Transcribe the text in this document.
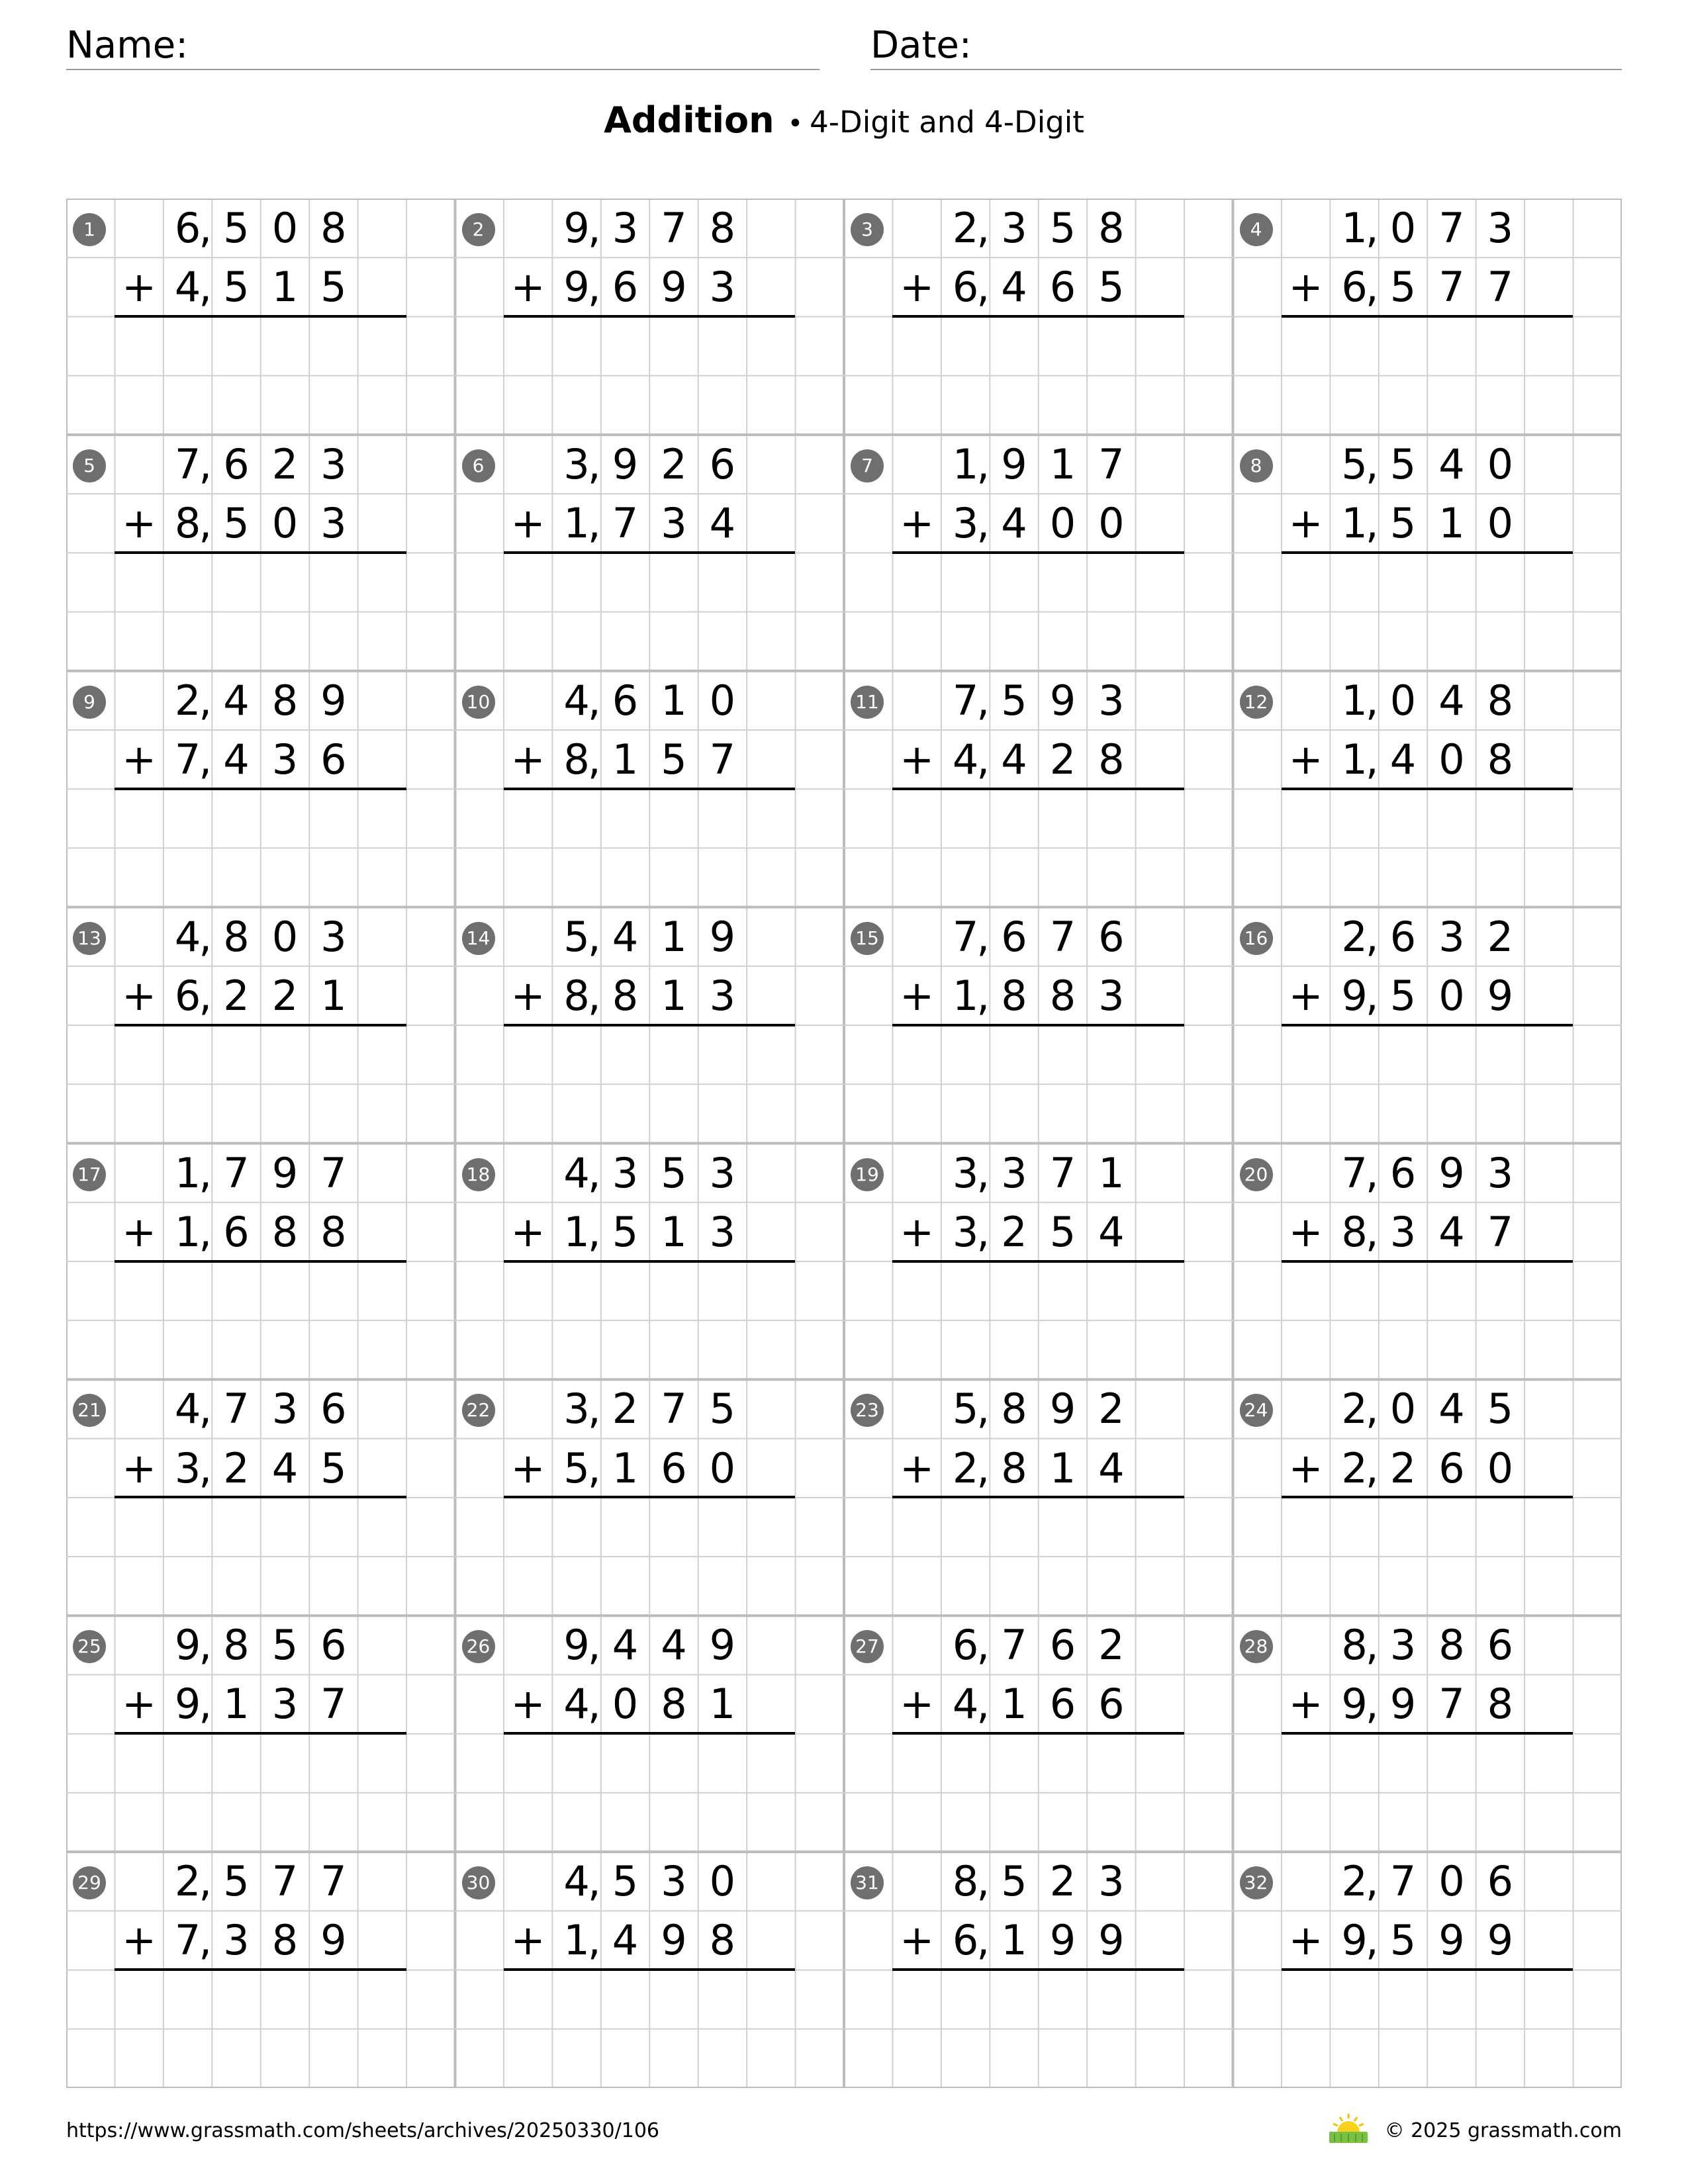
Name:	Date:
Addition • 4-Digit and 4-Digit
1 6
, 5 0 8
4
, 5 1 5
+
2 9
, 3 7 8
9
, 6 9 3
+
3 2
, 3 5 8
6
, 4 6 5
+
4 1
, 0 7 3
6
, 5 7 7
+
5 7
, 6 2 3
8
, 5 0 3
+
6 3
, 9 2 6
1
, 7 3 4
+
7 1
, 9 1 7
3
, 4 0 0
+
8 5
, 5 4 0
1
, 5 1 0
+
9 2
, 4 8 9
7
, 4 3 6
+
10 4
, 6 1 0
8
, 1 5 7
+
11 7
, 5 9 3
4
, 4 2 8
+
12 1
, 0 4 8
1
, 4 0 8
+
13 4
, 8 0 3
6
, 2 2 1
+
14 5
, 4 1 9
8
, 8 1 3
+
15 7
, 6 7 6
1
, 8 8 3
+
16 2
, 6 3 2
9
, 5 0 9
+
17 1
, 7 9 7
1
, 6 8 8
+
18 4
, 3 5 3
1
, 5 1 3
+
19 3
, 3 7 1
3
, 2 5 4
+
20 7
, 6 9 3
8
, 3 4 7
+
21 4
, 7 3 6
3
, 2 4 5
+
22 3
, 2 7 5
5
, 1 6 0
+
23 5
, 8 9 2
2
, 8 1 4
+
24 2
, 0 4 5
2
, 2 6 0
+
25 9
, 8 5 6
9
, 1 3 7
+
26 9
, 4 4 9
4
, 0 8 1
+
27 6
, 7 6 2
4
, 1 6 6
+
28 8
, 3 8 6
9
, 9 7 8
+
29 2
, 5 7 7
7
, 3 8 9
+
30 4
, 5 3 0
1
, 4 9 8
+
31 8
, 5 2 3
6
, 1 9 9
+
32 2
, 7 0 6
9
, 5 9 9
+
https://www.grassmath.com/sheets/archives/20250330/106	© 2025 grassmath.com
